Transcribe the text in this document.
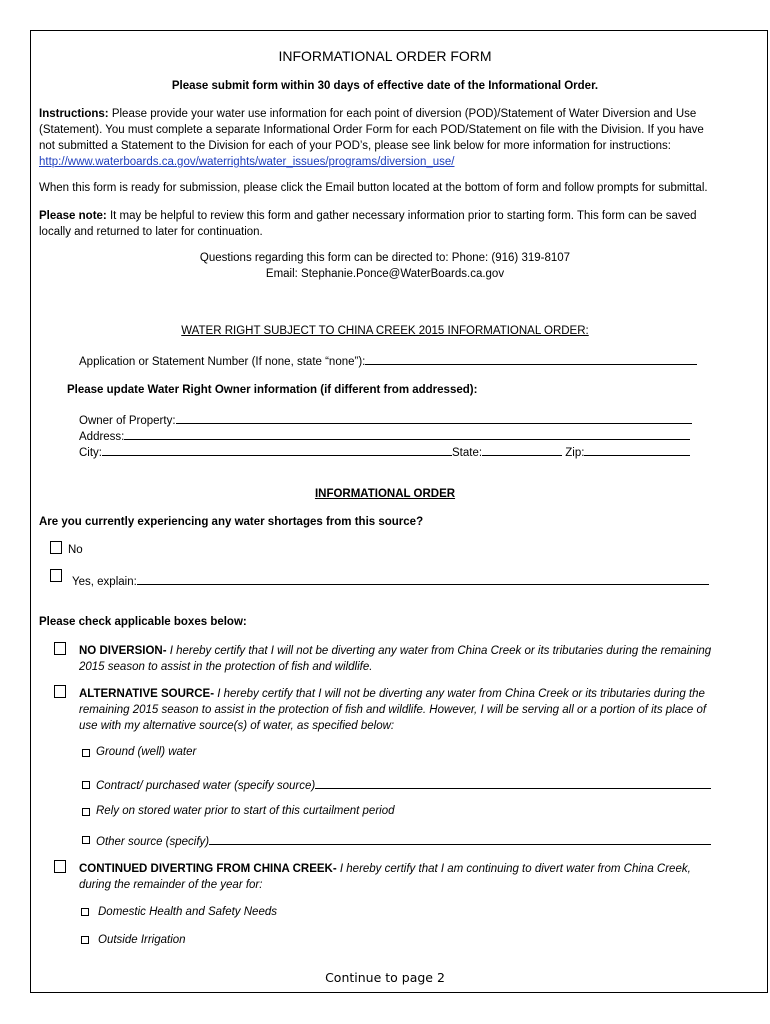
INFORMATIONAL ORDER FORM
Please submit form within 30 days of effective date of the Informational Order.
Instructions: Please provide your water use information for each point of diversion (POD)/Statement of Water Diversion and Use (Statement). You must complete a separate Informational Order Form for each POD/Statement on file with the Division. If you have not submitted a Statement to the Division for each of your POD’s, please see link below for more information for instructions:
http://www.waterboards.ca.gov/waterrights/water_issues/programs/diversion_use/
When this form is ready for submission, please click the Email button located at the bottom of form and follow prompts for submittal.
Please note: It may be helpful to review this form and gather necessary information prior to starting form. This form can be saved locally and returned to later for continuation.
Questions regarding this form can be directed to: Phone: (916) 319-8107
Email: Stephanie.Ponce@WaterBoards.ca.gov
WATER RIGHT SUBJECT TO CHINA CREEK 2015 INFORMATIONAL ORDER:
Application or Statement Number (If none, state “none”):
Please update Water Right Owner information (if different from addressed):
Owner of Property:
Address:
City:	State:	Zip:
INFORMATIONAL ORDER
Are you currently experiencing any water shortages from this source?
No
Yes, explain:
Please check applicable boxes below:
NO DIVERSION- I hereby certify that I will not be diverting any water from China Creek or its tributaries during the remaining 2015 season to assist in the protection of fish and wildlife.
ALTERNATIVE SOURCE- I hereby certify that I will not be diverting any water from China Creek or its tributaries during the remaining 2015 season to assist in the protection of fish and wildlife. However, I will be serving all or a portion of its place of use with my alternative source(s) of water, as specified below:
Ground (well) water
Contract/ purchased water (specify source)
Rely on stored water prior to start of this curtailment period
Other source (specify)
CONTINUED DIVERTING FROM CHINA CREEK- I hereby certify that I am continuing to divert water from China Creek, during the remainder of the year for:
Domestic Health and Safety Needs
Outside Irrigation
Continue to page 2
